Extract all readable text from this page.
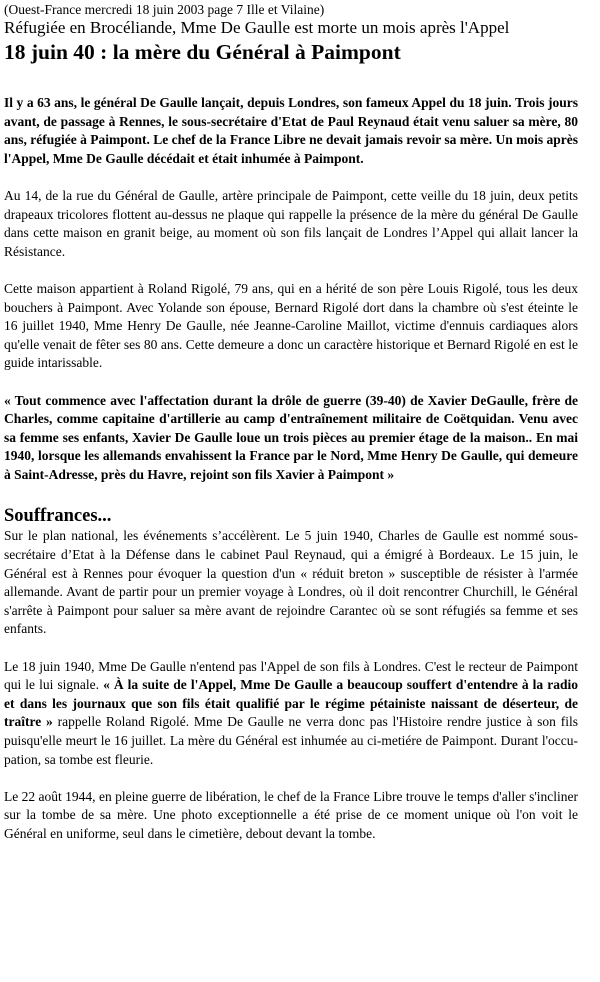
(Ouest-France mercredi 18 juin 2003 page 7 Ille et Vilaine)

Réfugiée en Brocéliande, Mme De Gaulle est morte un mois après l'Appel

18 juin 40 : la mère du Général à Paimpont

Il y a 63 ans, le général De Gaulle lançait, depuis Londres, son fameux Appel du 18 juin. Trois jours avant, de passage à Rennes, le sous-secrétaire d'Etat de Paul Reynaud était venu saluer sa mère, 80 ans, réfugiée à Paimpont. Le chef de la France Libre ne devait jamais revoir sa mère. Un mois après l'Appel, Mme De Gaulle décédait et était inhumée à Paimpont.

Au 14, de la rue du Général de Gaulle, artère principale de Paimpont, cette veille du 18 juin, deux petits drapeaux tricolores flottent au-dessus ne plaque qui rappelle la présence de la mère du général De Gaulle dans cette maison en granit beige, au moment où son fils lançait de Londres l’Appel qui allait lancer la Résistance.

Cette maison appartient à Roland Rigolé, 79 ans, qui en a hérité de son père Louis Rigolé, tous les deux bouchers à Paimpont. Avec Yolande son épouse, Bernard Rigolé dort dans la chambre où s'est éteinte le 16 juillet 1940, Mme Henry De Gaulle, née Jeanne-Caroline Maillot, victime d'ennuis cardiaques alors qu'elle venait de fêter ses 80 ans. Cette demeure a donc un caractère historique et Bernard Rigolé en est le guide intarissable.

« Tout commence avec l'affectation durant la drôle de guerre (39-40) de Xavier DeGaulle, frère de Charles, comme capitaine d'artillerie au camp d'entraînement militaire de Coëtquidan. Venu avec sa femme ses enfants, Xavier De Gaulle loue un trois pièces au premier étage de la maison.. En mai 1940, lorsque les allemands envahissent la France par le Nord, Mme Henry De Gaulle, qui demeure à Saint-Adresse, près du Havre, rejoint son fils Xavier à Paimpont »

Souffrances...

Sur le plan national, les événements s’accélèrent. Le 5 juin 1940, Charles de Gaulle est nommé sous-secrétaire d’Etat à la Défense dans le cabinet Paul Reynaud, qui a émigré à Bordeaux. Le 15 juin, le Général est à Rennes pour évoquer la question d'un « réduit breton » susceptible de résister à l'armée allemande. Avant de partir pour un premier voyage à Londres, où il doit rencontrer Churchill, le Général s'arrête à Paimpont pour saluer sa mère avant de rejoindre Carantec où se sont réfugiés sa femme et ses enfants.

Le 18 juin 1940, Mme De Gaulle n'entend pas l'Appel de son fils à Londres. C'est le recteur de Paimpont qui le lui signale. « À la suite de l'Appel, Mme De Gaulle a beaucoup souffert d'entendre à la radio et dans les journaux que son fils était qualifié par le régime pétainiste naissant de déserteur, de traître » rappelle Roland Rigolé. Mme De Gaulle ne verra donc pas l'Histoire rendre justice à son fils puisqu'elle meurt le 16 juillet. La mère du Général est inhumée au ci-metiére de Paimpont. Durant l'occu-pation, sa tombe est fleurie.

Le 22 août 1944, en pleine guerre de libération, le chef de la France Libre trouve le temps d'aller s'incliner sur la tombe de sa mère. Une photo exceptionnelle a été prise de ce moment unique où l'on voit le Général en uniforme, seul dans le cimetière, debout devant la tombe.
